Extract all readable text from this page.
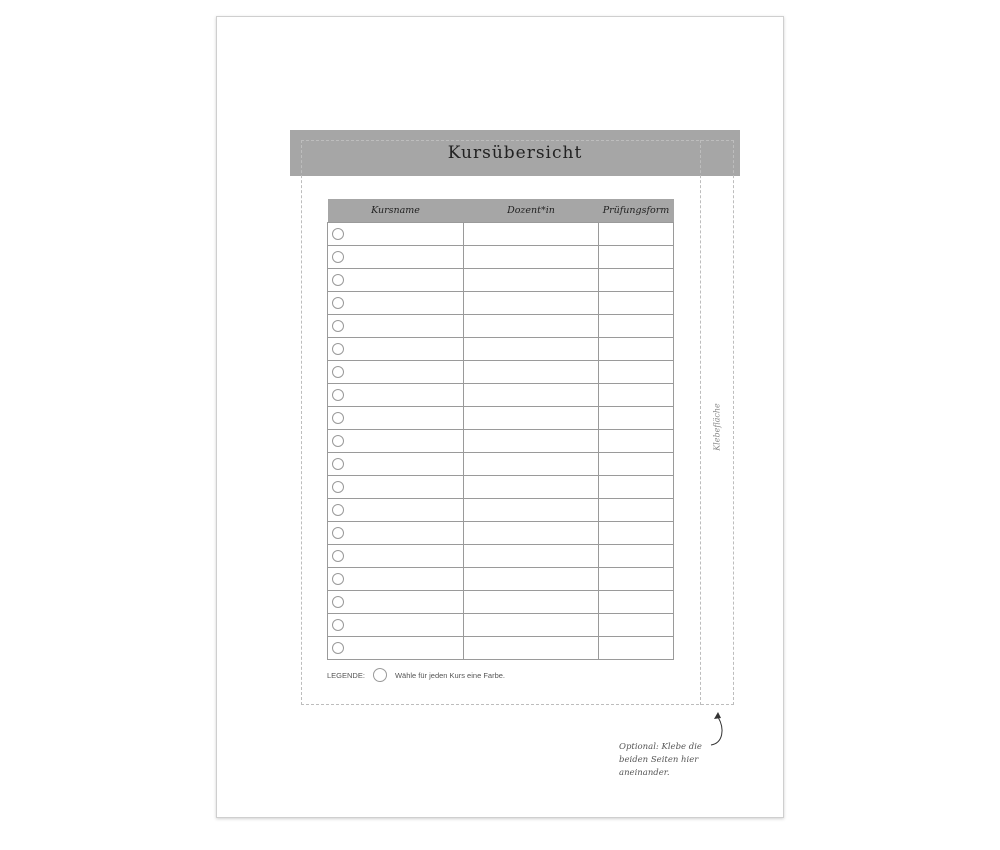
Kursübersicht
Klebefläche
Kursname	Dozent*in	Prüfungsform

LEGENDE:	Wähle für jeden Kurs eine Farbe.
Optional: Klebe die beiden Seiten hier aneinander.
